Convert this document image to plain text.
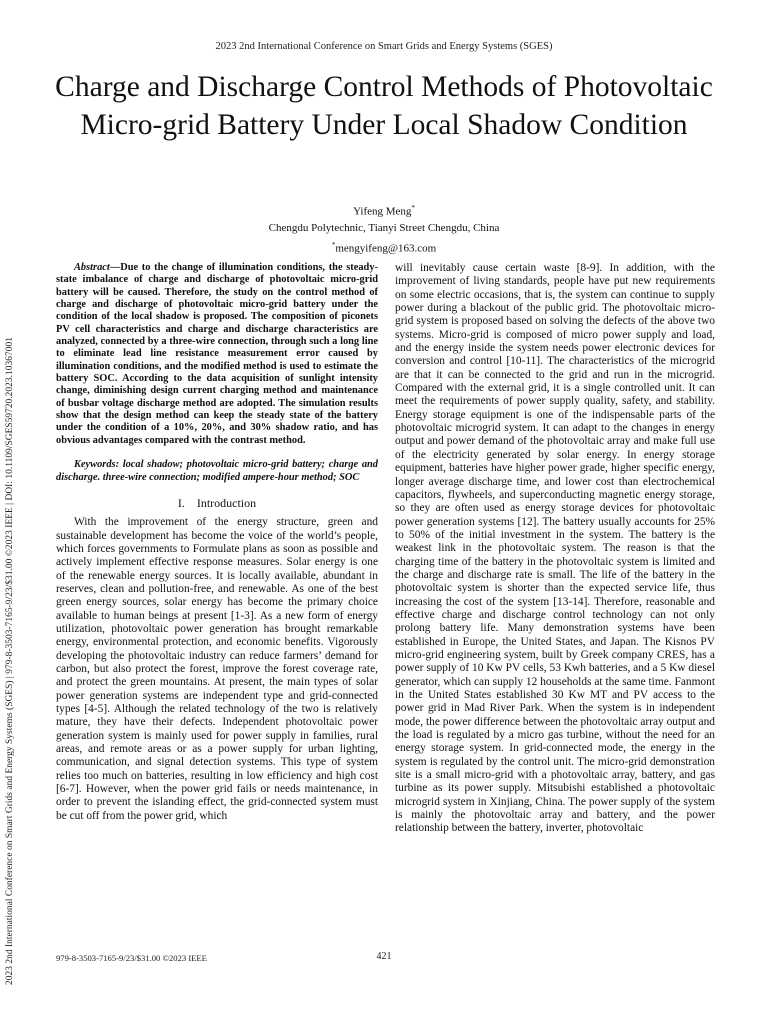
2023 2nd International Conference on Smart Grids and Energy Systems (SGES)
Charge and Discharge Control Methods of Photovoltaic Micro-grid Battery Under Local Shadow Condition
Yifeng Meng*
Chengdu Polytechnic, Tianyi Street Chengdu, China
*mengyifeng@163.com
2023 2nd International Conference on Smart Grids and Energy Systems (SGES) | 979-8-3503-7165-9/23/$31.00 ©2023 IEEE | DOI: 10.1109/SGES59720.2023.10367001

Abstract—Due to the change of illumination conditions, the steady-state imbalance of charge and discharge of photovoltaic micro-grid battery will be caused. Therefore, the study on the control method of charge and discharge of photovoltaic micro-grid battery under the condition of the local shadow is proposed. The composition of piconets PV cell characteristics and charge and discharge characteristics are analyzed, connected by a three-wire connection, through such a long line to eliminate lead line resistance measurement error caused by illumination conditions, and the modified method is used to estimate the battery SOC. According to the data acquisition of sunlight intensity change, diminishing design current charging method and maintenance of busbar voltage discharge method are adopted. The simulation results show that the design method can keep the steady state of the battery under the condition of a 10%, 20%, and 30% shadow ratio, and has obvious advantages compared with the contrast method.

Keywords: local shadow; photovoltaic micro-grid battery; charge and discharge. three-wire connection; modified ampere-hour method; SOC

I. Introduction

With the improvement of the energy structure, green and sustainable development has become the voice of the world’s people, which forces governments to Formulate plans as soon as possible and actively implement effective response measures. Solar energy is one of the renewable energy sources. It is locally available, abundant in reserves, clean and pollution-free, and renewable. As one of the best green energy sources, solar energy has become the primary choice available to human beings at present [1-3]. As a new form of energy utilization, photovoltaic power generation has brought remarkable energy, environmental protection, and economic benefits. Vigorously developing the photovoltaic industry can reduce farmers’ demand for carbon, but also protect the forest, improve the forest coverage rate, and protect the green mountains. At present, the main types of solar power generation systems are independent type and grid-connected types [4-5]. Although the related technology of the two is relatively mature, they have their defects. Independent photovoltaic power generation system is mainly used for power supply in families, rural areas, and remote areas or as a power supply for urban lighting, communication, and signal detection systems. This type of system relies too much on batteries, resulting in low efficiency and high cost [6-7]. However, when the power grid fails or needs maintenance, in order to prevent the islanding effect, the grid-connected system must be cut off from the power grid, which

will inevitably cause certain waste [8-9]. In addition, with the improvement of living standards, people have put new requirements on some electric occasions, that is, the system can continue to supply power during a blackout of the public grid. The photovoltaic micro-grid system is proposed based on solving the defects of the above two systems. Micro-grid is composed of micro power supply and load, and the energy inside the system needs power electronic devices for conversion and control [10-11]. The characteristics of the microgrid are that it can be connected to the grid and run in the microgrid. Compared with the external grid, it is a single controlled unit. It can meet the requirements of power supply quality, safety, and stability. Energy storage equipment is one of the indispensable parts of the photovoltaic microgrid system. It can adapt to the changes in energy output and power demand of the photovoltaic array and make full use of the electricity generated by solar energy. In energy storage equipment, batteries have higher power grade, higher specific energy, longer average discharge time, and lower cost than electrochemical capacitors, flywheels, and superconducting magnetic energy storage, so they are often used as energy storage devices for photovoltaic power generation systems [12]. The battery usually accounts for 25% to 50% of the initial investment in the system. The battery is the weakest link in the photovoltaic system. The reason is that the charging time of the battery in the photovoltaic system is limited and the charge and discharge rate is small. The life of the battery in the photovoltaic system is shorter than the expected service life, thus increasing the cost of the system [13-14]. Therefore, reasonable and effective charge and discharge control technology can not only prolong battery life. Many demonstration systems have been established in Europe, the United States, and Japan. The Kisnos PV micro-grid engineering system, built by Greek company CRES, has a power supply of 10 Kw PV cells, 53 Kwh batteries, and a 5 Kw diesel generator, which can supply 12 households at the same time. Fanmont in the United States established 30 Kw MT and PV access to the power grid in Mad River Park. When the system is in independent mode, the power difference between the photovoltaic array output and the load is regulated by a micro gas turbine, without the need for an energy storage system. In grid-connected mode, the energy in the system is regulated by the control unit. The micro-grid demonstration site is a small micro-grid with a photovoltaic array, battery, and gas turbine as its power supply. Mitsubishi established a photovoltaic microgrid system in Xinjiang, China. The power supply of the system is mainly the photovoltaic array and battery, and the power relationship between the battery, inverter, photovoltaic

979-8-3503-7165-9/23/$31.00 ©2023 IEEE	421
